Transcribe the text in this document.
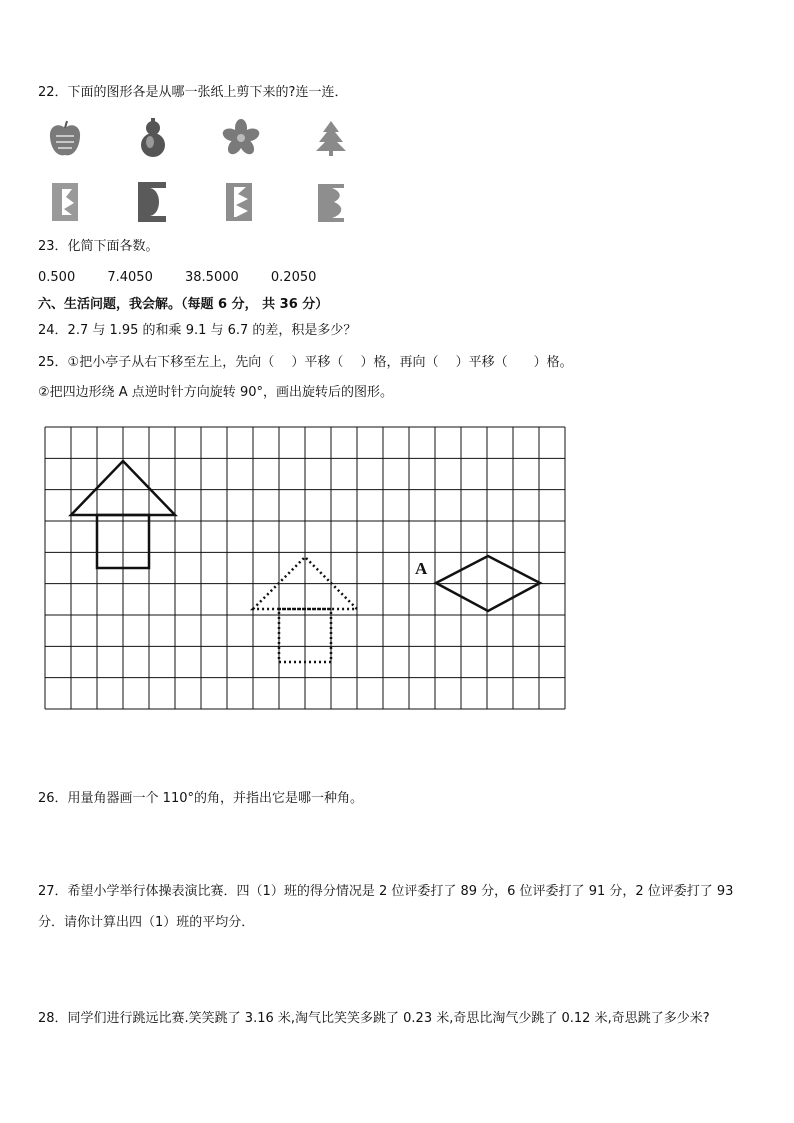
22．下面的图形各是从哪一张纸上剪下来的?连一连．
23．化简下面各数。
0.500 7.4050 38.5000 0.2050
六、生活问题，我会解。（每题 6 分， 共 36 分）
24．2.7 与 1.95 的和乘 9.1 与 6.7 的差，积是多少？
25．①把小亭子从右下移至左上，先向（　 ）平移（　 ）格，再向（　 ）平移（　　）格。
②把四边形绕 A 点逆时针方向旋转 90°，画出旋转后的图形。
A
26．用量角器画一个 110°的角，并指出它是哪一种角。
27．希望小学举行体操表演比赛．四（1）班的得分情况是 2 位评委打了 89 分，6 位评委打了 91 分，2 位评委打了 93
分．请你计算出四（1）班的平均分．
28．同学们进行跳远比赛.笑笑跳了 3.16 米,淘气比笑笑多跳了 0.23 米,奇思比淘气少跳了 0.12 米,奇思跳了多少米?
